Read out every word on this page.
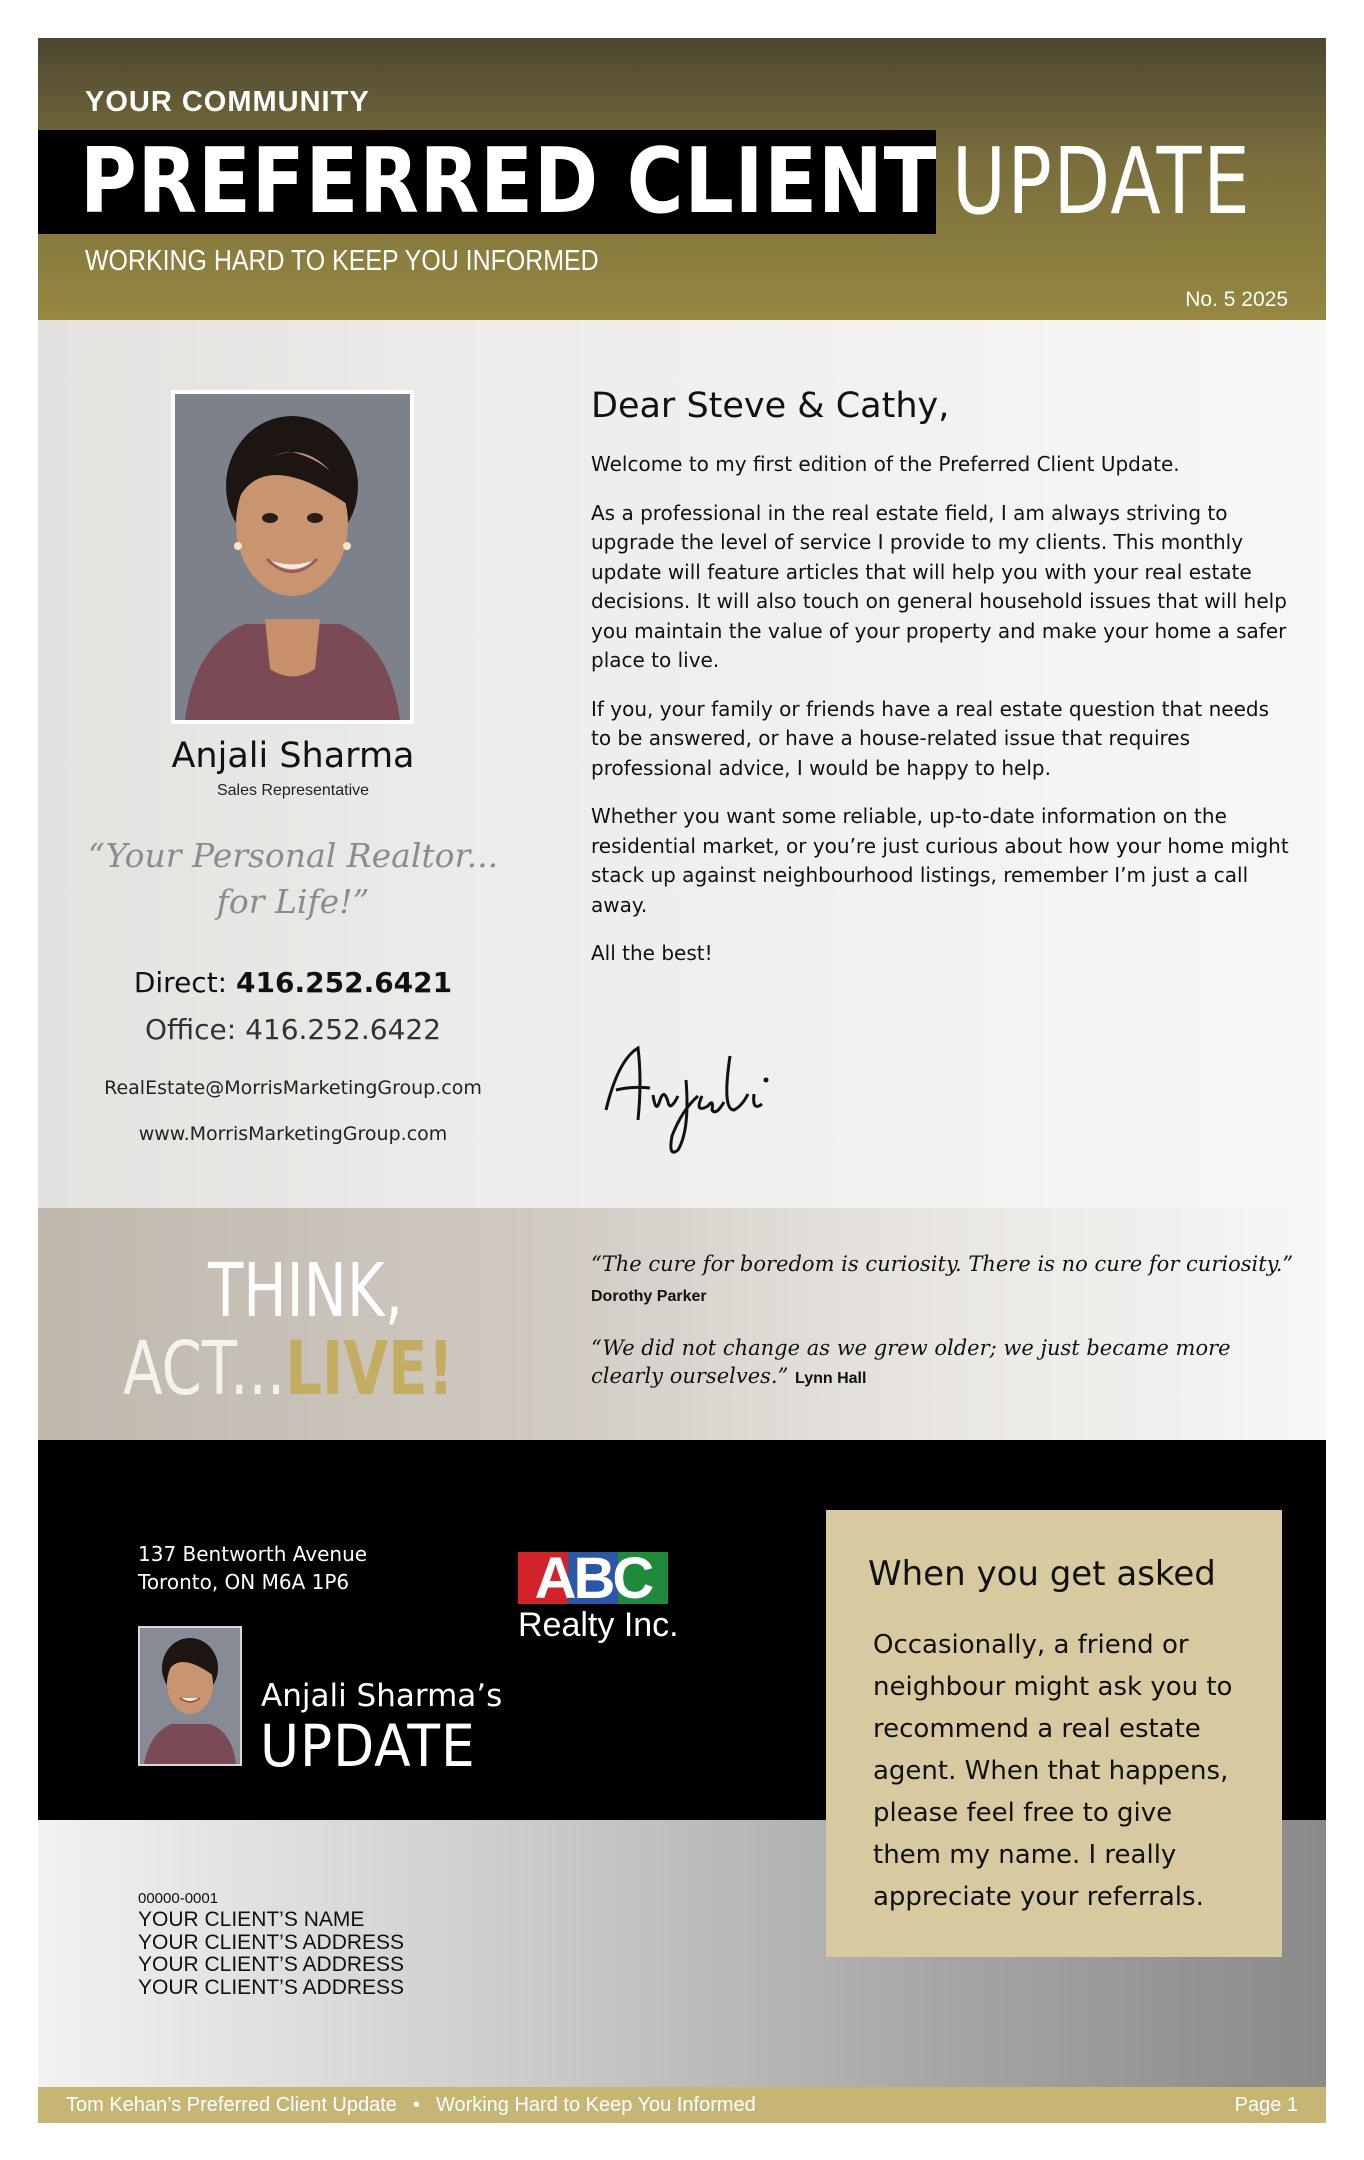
YOUR COMMUNITY
PREFERRED CLIENT UPDATE
WORKING HARD TO KEEP YOU INFORMED
No. 5 2025
Anjali Sharma
Sales Representative
“Your Personal Realtor...
for Life!”
Direct: 416.252.6421
Office: 416.252.6422
RealEstate@MorrisMarketingGroup.com
www.MorrisMarketingGroup.com
Dear Steve & Cathy,

Welcome to my first edition of the Preferred Client Update.

As a professional in the real estate field, I am always striving to upgrade the level of service I provide to my clients. This monthly update will feature articles that will help you with your real estate decisions. It will also touch on general household issues that will help you maintain the value of your property and make your home a safer place to live.

If you, your family or friends have a real estate question that needs to be answered, or have a house-related issue that requires professional advice, I would be happy to help.

Whether you want some reliable, up-to-date information on the residential market, or you’re just curious about how your home might stack up against neighbourhood listings, remember I’m just a call away.

All the best!

THINK,
ACT...LIVE!
“The cure for boredom is curiosity. There is no cure for curiosity.”
Dorothy Parker
“We did not change as we grew older; we just became more clearly ourselves.” Lynn Hall
137 Bentworth Avenue
Toronto, ON M6A 1P6	ABC
Realty Inc.
Anjali Sharma’s
UPDATE
00000-0001
YOUR CLIENT’S NAME
YOUR CLIENT’S ADDRESS
YOUR CLIENT’S ADDRESS
YOUR CLIENT’S ADDRESS
When you get asked

Occasionally, a friend or neighbour might ask you to recommend a real estate agent. When that happens, please feel free to give them my name. I really appreciate your referrals.

Tom Kehan’s Preferred Client Update • Working Hard to Keep You Informed	Page 1
